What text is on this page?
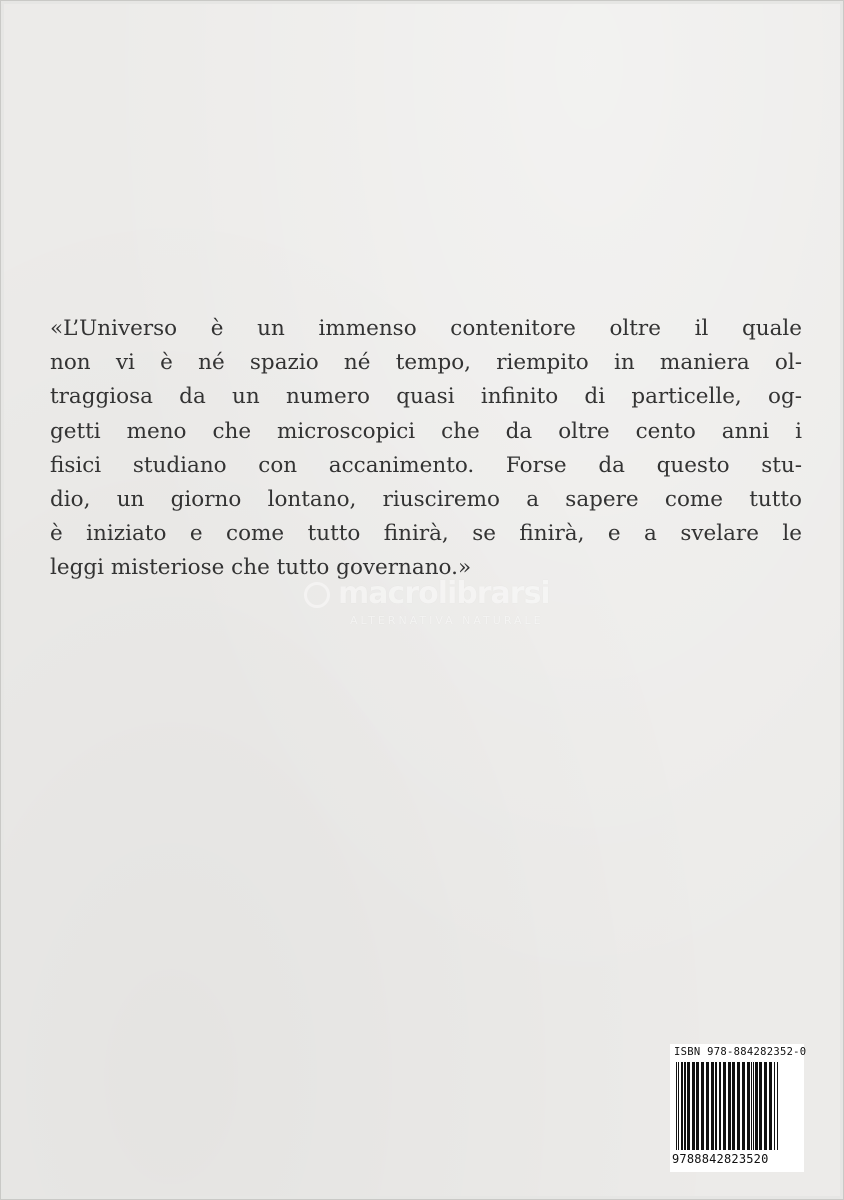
«L’Universo è un immenso contenitore oltre il quale
non vi è né spazio né tempo, riempito in maniera ol-
traggiosa da un numero quasi infinito di particelle, og-
getti meno che microscopici che da oltre cento anni i
fisici studiano con accanimento. Forse da questo stu-
dio, un giorno lontano, riusciremo a sapere come tutto
è iniziato e come tutto finirà, se finirà, e a svelare le
leggi misteriose che tutto governano.»
macrolibrarsi
ALTERNATIVA NATURALE
ISBN 978-884282352-0
9788842823520
